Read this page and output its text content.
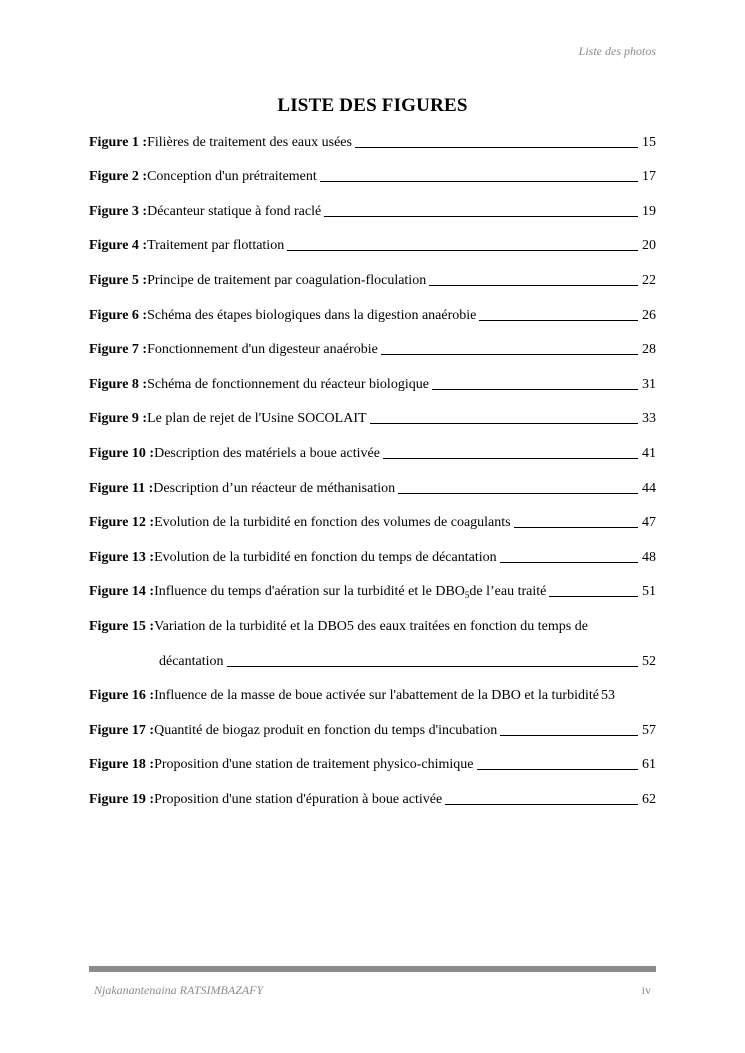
Liste des photos
LISTE DES FIGURES
Figure 1 : Filières de traitement des eaux usées	15
Figure 2 : Conception d'un prétraitement	17
Figure 3 : Décanteur statique à fond raclé	19
Figure 4 : Traitement par flottation	20
Figure 5 : Principe de traitement par coagulation-floculation	22
Figure 6 : Schéma des étapes biologiques dans la digestion anaérobie	26
Figure 7 : Fonctionnement d'un digesteur anaérobie	28
Figure 8 : Schéma de fonctionnement du réacteur biologique	31
Figure 9 : Le plan de rejet de l'Usine SOCOLAIT	33
Figure 10 : Description des matériels a boue activée	41
Figure 11 : Description d’un réacteur de méthanisation	44
Figure 12 : Evolution de la turbidité en fonction des volumes de coagulants	47
Figure 13 : Evolution de la turbidité en fonction du temps de décantation	48
Figure 14 : Influence du temps d'aération sur la turbidité et le $DBO_5$ de l’eau traité	51
Figure 15 : Variation de la turbidité et la DBO5 des eaux traitées en fonction du temps de
décantation	52
Figure 16 : Influence de la masse de boue activée sur l'abattement de la DBO et la turbidité 53
Figure 17 : Quantité de biogaz produit en fonction du temps d'incubation	57
Figure 18 : Proposition d'une station de traitement physico-chimique	61
Figure 19 : Proposition d'une station d'épuration à boue activée	62
Njakanantenaina RATSIMBAZAFY	iv
